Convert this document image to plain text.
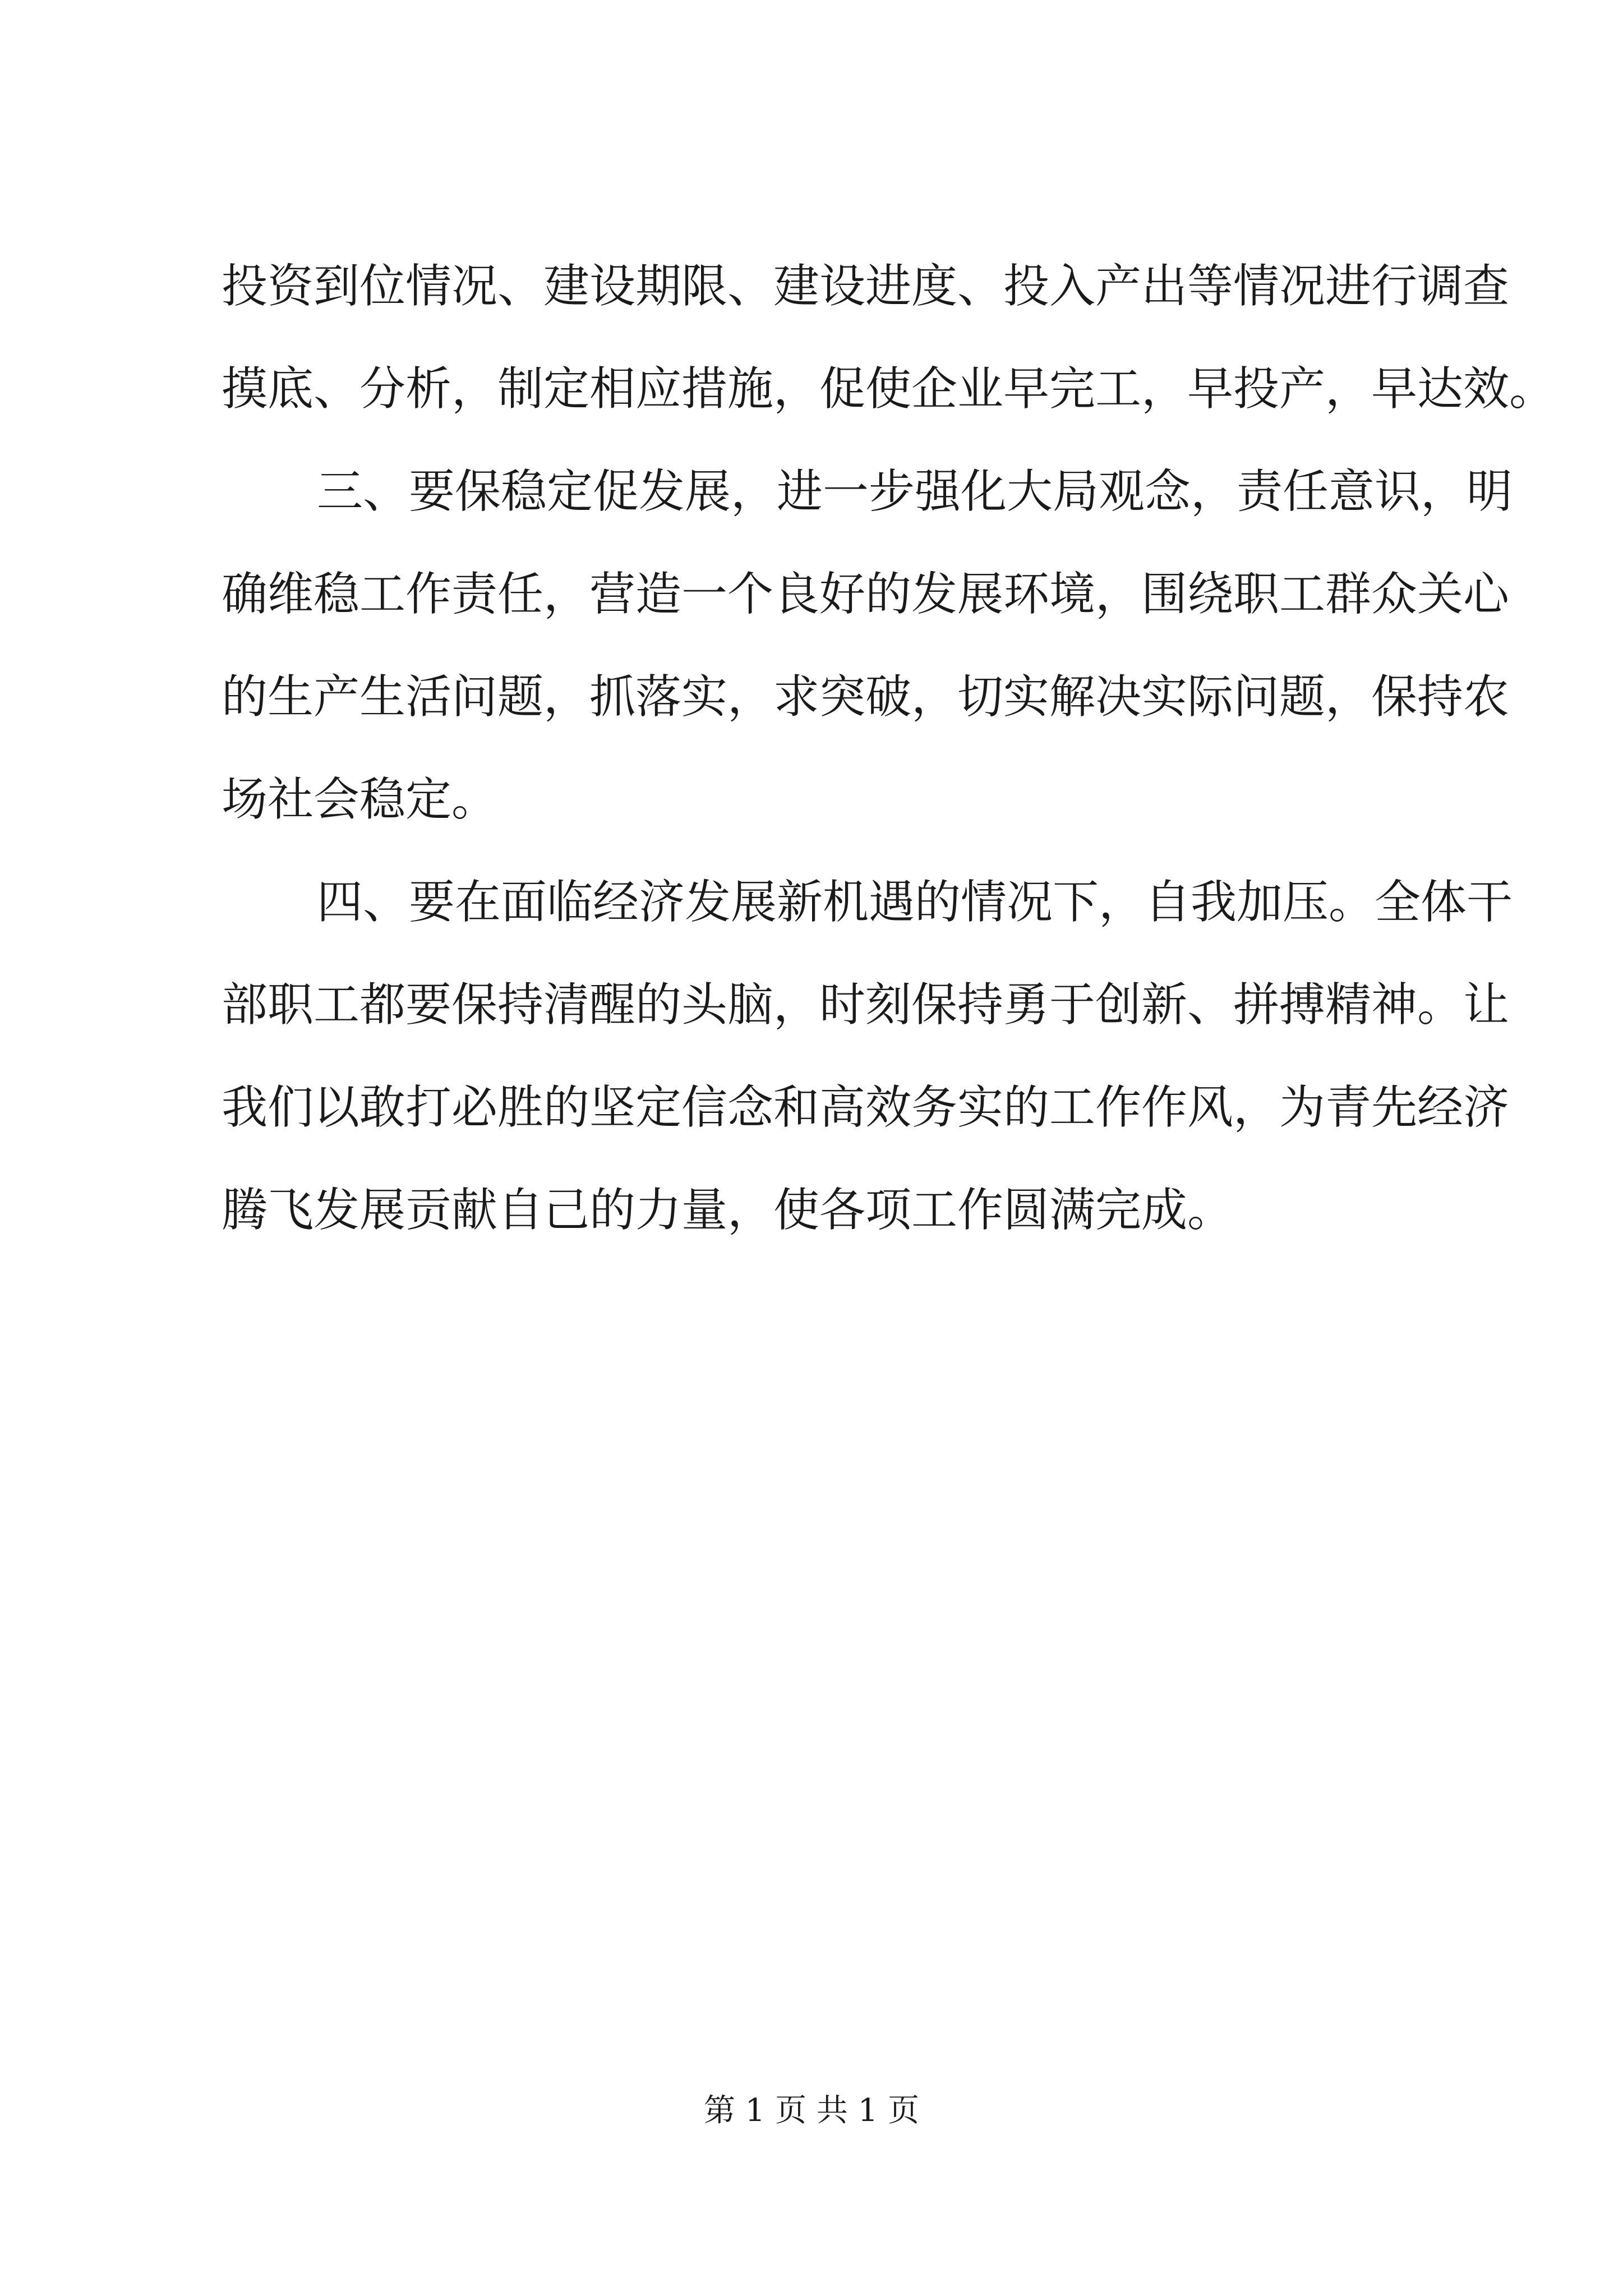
投资到位情况、建设期限、建设进度、投入产出等情况进行调查
摸底、分析，制定相应措施，促使企业早完工，早投产，早达效。
三、要保稳定促发展，进一步强化大局观念，责任意识，明
确维稳工作责任，营造一个良好的发展环境，围绕职工群众关心
的生产生活问题，抓落实，求突破，切实解决实际问题，保持农
场社会稳定。
四、要在面临经济发展新机遇的情况下，自我加压。全体干
部职工都要保持清醒的头脑，时刻保持勇于创新、拼搏精神。让
我们以敢打必胜的坚定信念和高效务实的工作作风，为青先经济
腾飞发展贡献自己的力量，使各项工作圆满完成。
第 1 页 共 1 页
